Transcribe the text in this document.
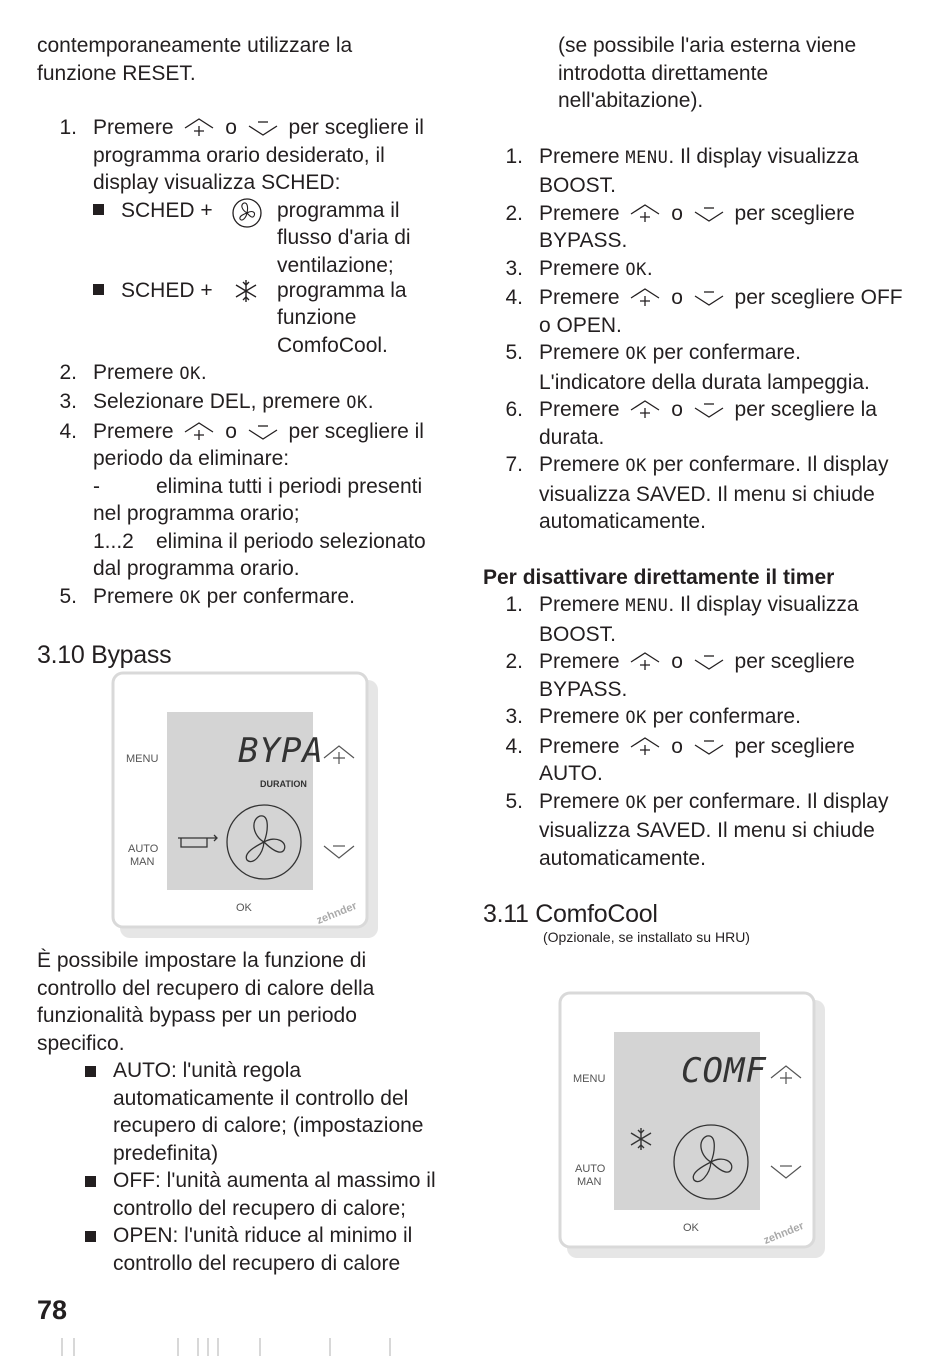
contemporaneamente utilizzare la funzione RESET.

1. Premere  o  per scegliere il programma orario desiderato, il display visualizza SCHED:
SCHED +	programma il flusso d'aria di ventilazione;
SCHED +	programma la funzione ComfoCool.
2. Premere OK.
3. Selezionare DEL, premere OK.
4. Premere  o  per scegliere il periodo da eliminare:
-	elimina tutti i periodi presenti nel programma orario;
1...2 elimina il periodo selezionato dal programma orario.
5. Premere OK per confermare.
3.10 Bypass
MENU
AUTO
MAN
BYPA
DURATION
OK	zehnder

È possibile impostare la funzione di controllo del recupero di calore della funzionalità bypass per un periodo specifico.

AUTO: l'unità regola automaticamente il controllo del recupero di calore; (impostazione predefinita)
OFF: l'unità aumenta al massimo il controllo del recupero di calore;
OPEN: l'unità riduce al minimo il controllo del recupero di calore
78

(se possibile l'aria esterna viene introdotta direttamente nell'abitazione).

1. Premere MENU. Il display visualizza BOOST.
2. Premere  o  per scegliere BYPASS.
3. Premere OK.
4. Premere  o  per scegliere OFF o OPEN.
5. Premere OK per confermare. L'indicatore della durata lampeggia.
6. Premere  o  per scegliere la durata.
7. Premere OK per confermare. Il display visualizza SAVED. Il menu si chiude automaticamente.

Per disattivare direttamente il timer

1. Premere MENU. Il display visualizza BOOST.
2. Premere  o  per scegliere BYPASS.
3. Premere OK per confermare.
4. Premere  o  per scegliere AUTO.
5. Premere OK per confermare. Il display visualizza SAVED. Il menu si chiude automaticamente.
3.11 ComfoCool

(Opzionale, se installato su HRU)

MENU
AUTO
MAN
COMF
OK	zehnder
